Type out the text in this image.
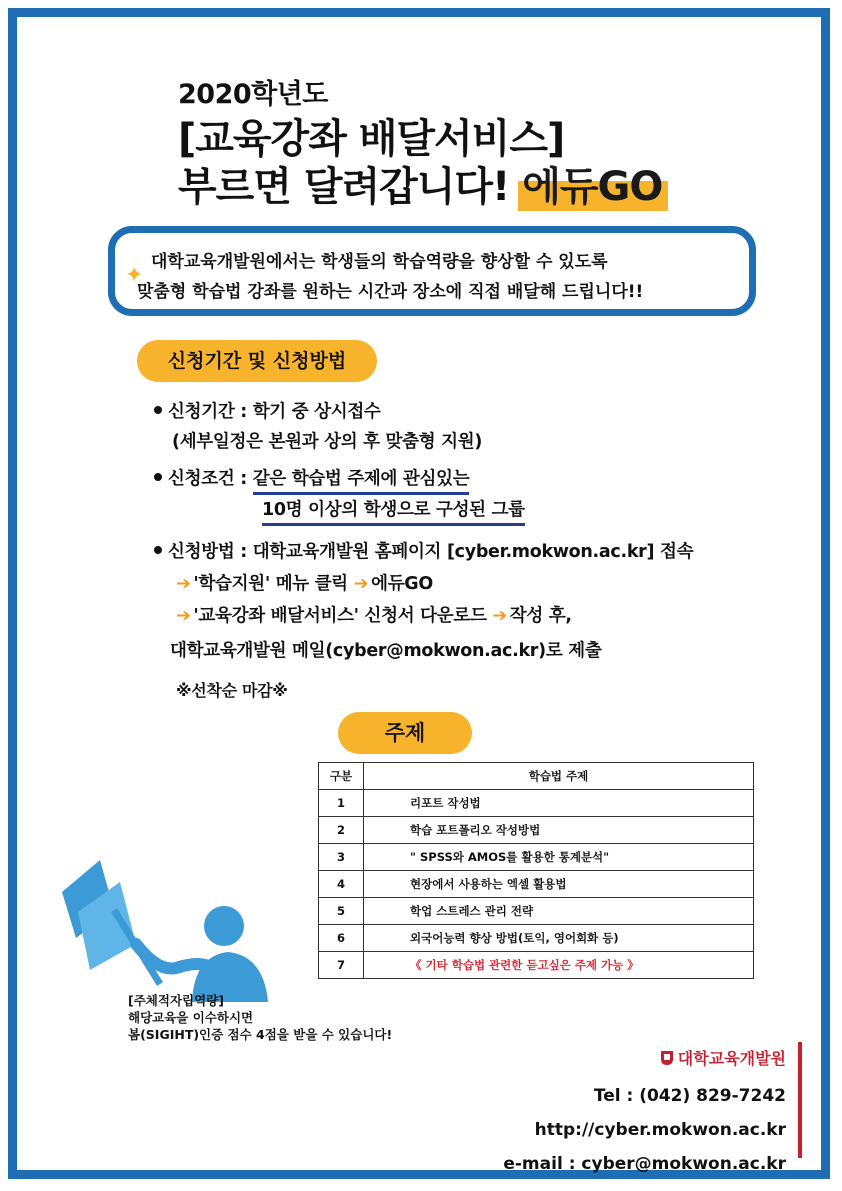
2020학년도
[교육강좌 배달서비스]
부르면 달려갑니다! 에듀GO
✦
대학교육개발원에서는 학생들의 학습역량을 향상할 수 있도록
맞춤형 학습법 강좌를 원하는 시간과 장소에 직접 배달해 드립니다!!
신청기간 및 신청방법
신청기간 : 학기 중 상시접수
(세부일정은 본원과 상의 후 맞춤형 지원)
신청조건 : 같은 학습법 주제에 관심있는
10명 이상의 학생으로 구성된 그룹
신청방법 : 대학교육개발원 홈페이지 [cyber.mokwon.ac.kr] 접속
➔ '학습지원' 메뉴 클릭 ➔ 에듀GO
➔ '교육강좌 배달서비스' 신청서 다운로드 ➔ 작성 후,
대학교육개발원 메일(cyber@mokwon.ac.kr)로 제출
※선착순 마감※
주제
구분	학습법 주제
1	리포트 작성법
2	학습 포트폴리오 작성방법
3	" SPSS와 AMOS를 활용한 통계분석"
4	현장에서 사용하는 엑셀 활용법
5	학업 스트레스 관리 전략
6	외국어능력 향상 방법(토익, 영어회화 등)
7	《 기타 학습법 관련한 듣고싶은 주제 가능 》
[주체적자립역량]
해당교육을 이수하시면
봄(SIGIHT)인증 점수 4점을 받을 수 있습니다!
대학교육개발원
Tel : (042) 829-7242
http://cyber.mokwon.ac.kr
e-mail : cyber@mokwon.ac.kr
